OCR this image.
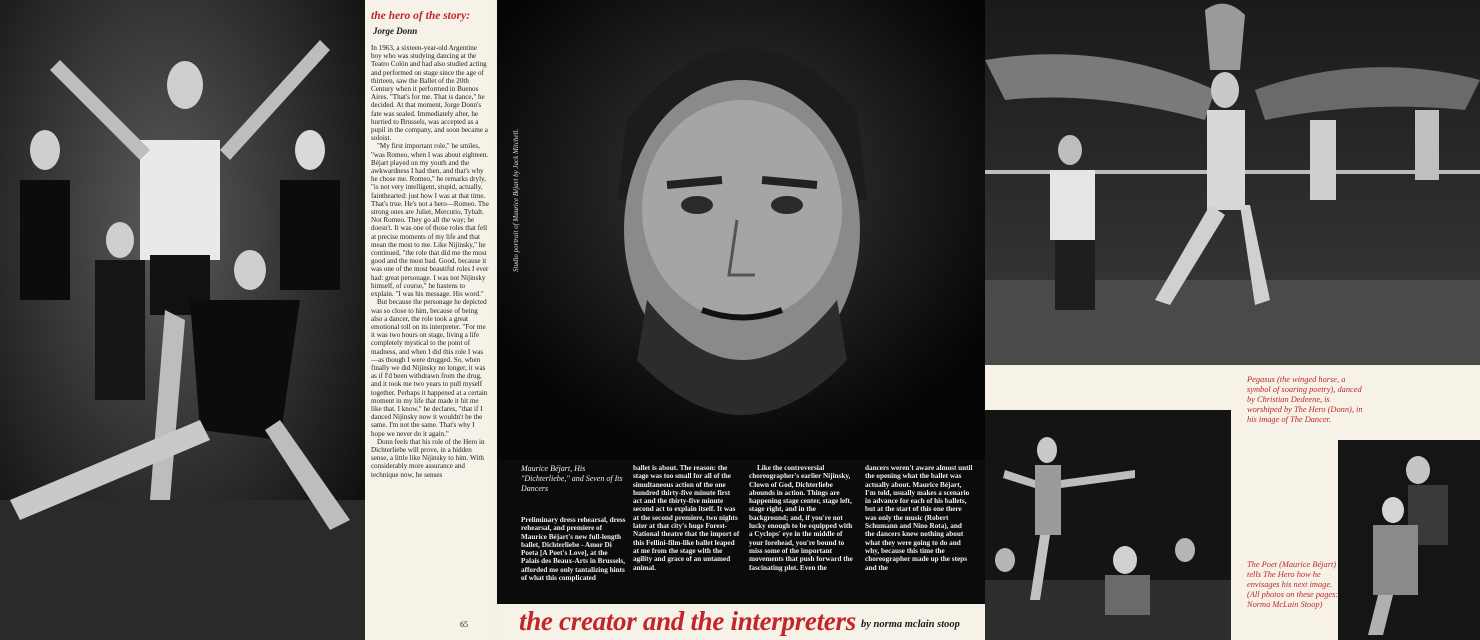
the hero of the story:
Jorge Donn

In 1963, a sixteen-year-old Argentine boy who was studying dancing at the Teatro Colón and had also studied acting and performed on stage since the age of thirteen, saw the Ballet of the 20th Century when it performed in Buenos Aires. "That's for me. That is dance," he decided. At that moment, Jorge Donn's fate was sealed. Immediately after, he hurried to Brussels, was accepted as a pupil in the company, and soon became a soloist.

"My first important role," he smiles, "was Romeo, when I was about eighteen. Béjart played on my youth and the awkwardness I had then, and that's why he chose me. Romeo," he remarks dryly, "is not very intelligent, stupid, actually, fainthearted: just how I was at that time. That's true. He's not a hero—Romeo. The strong ones are Juliet, Mercutio, Tybalt. Not Romeo. They go all the way; he doesn't. It was one of those roles that fell at precise moments of my life and that mean the most to me. Like Nijinsky," he continued, "the role that did me the most good and the most bad. Good, because it was one of the most beautiful roles I ever had: great personage. I was not Nijinsky himself, of course," he hastens to explain. "I was his message. His word."

But because the personage he depicted was so close to him, because of being also a dancer, the role took a great emotional toll on its interpreter. "For me it was two hours on stage, living a life completely mystical to the point of madness, and when I did this role I was—as though I were drugged. So, when finally we did Nijinsky no longer, it was as if I'd been withdrawn from the drug, and it took me two years to pull myself together. Perhaps it happened at a certain moment in my life that made it hit me like that. I know," he declares, "that if I danced Nijinsky now it wouldn't be the same. I'm not the same. That's why I hope we never do it again."

Donn feels that his role of the Hero in Dichterliebe will prove, in a hidden sense, a little like Nijinsky to him. With considerably more assurance and technique now, he senses

65
Studio portrait of Maurice Béjart by Jack Mitchell.
Maurice Béjart, His "Dichterliebe," and Seven of Its Dancers

Preliminary dress rehearsal, dress rehearsal, and premiere of Maurice Béjart's new full-length ballet, Dichterliebe - Amor Di Poeta [A Poet's Love], at the Palais des Beaux-Arts in Brussels, afforded me only tantalizing hints of what this complicated

ballet is about. The reason: the stage was too small for all of the simultaneous action of the one hundred thirty-five minute first act and the thirty-five minute second act to explain itself. It was at the second premiere, two nights later at that city's huge Forest-National theatre that the import of this Fellini-film-like ballet leaped at me from the stage with the agility and grace of an untamed animal.

Like the controversial choreographer's earlier Nijinsky, Clown of God, Dichterliebe abounds in action. Things are happening stage center, stage left, stage right, and in the background; and, if you're not lucky enough to be equipped with a Cyclops' eye in the middle of your forehead, you're bound to miss some of the important movements that push forward the fascinating plot. Even the

dancers weren't aware almost until the opening what the ballet was actually about. Maurice Béjart, I'm told, usually makes a scenario in advance for each of his ballets, but at the start of this one there was only the music (Robert Schumann and Nino Rota), and the dancers knew nothing about what they were going to do and why, because this time the choreographer made up the steps and the

the creator and the interpreters by norma mclain stoop
Pegasus (the winged horse, a symbol of soaring poetry), danced by Christian Dedeene, is worshiped by The Hero (Donn), in his image of The Dancer.
The Poet (Maurice Béjart) tells The Hero how he envisages his next image. (All photos on these pages: Norma McLain Stoop)
